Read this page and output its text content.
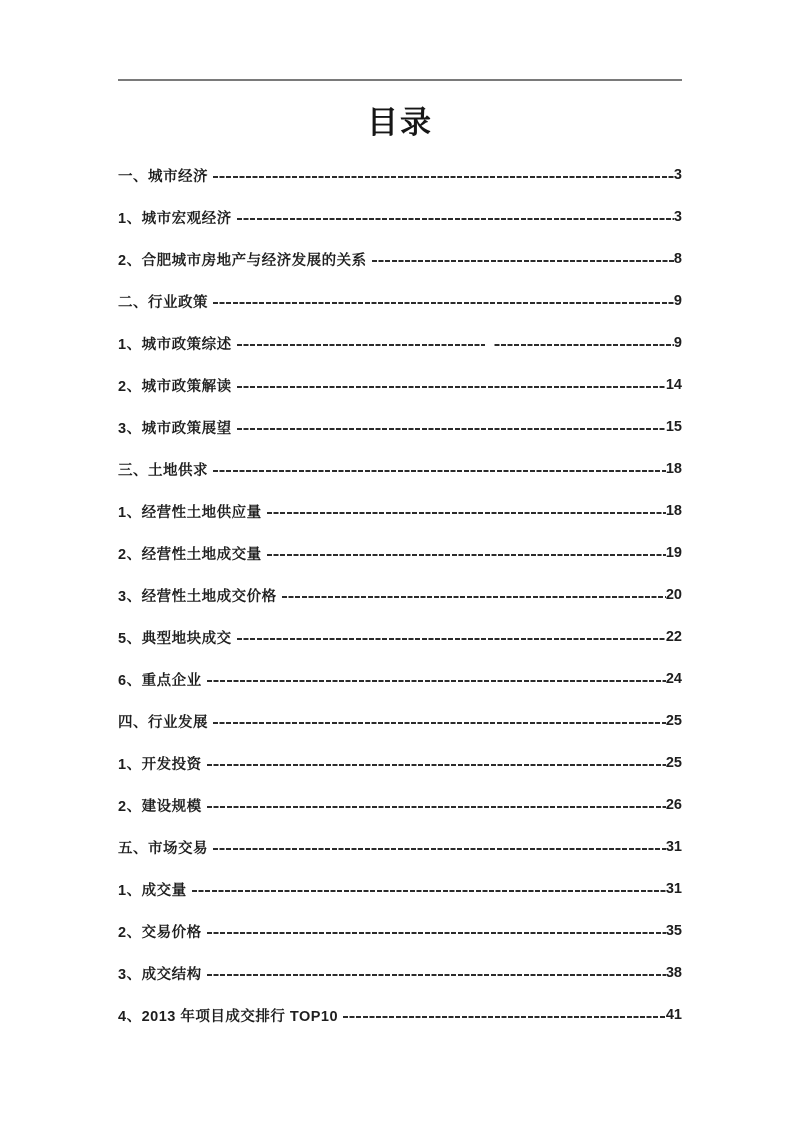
目录
一、城市经济	3
1、城市宏观经济	3
2、合肥城市房地产与经济发展的关系	8
二、行业政策	9
1、城市政策综述	9
2、城市政策解读	14
3、城市政策展望	15
三、土地供求	18
1、经营性土地供应量	18
2、经营性土地成交量	19
3、经营性土地成交价格	20
5、典型地块成交	22
6、重点企业	24
四、行业发展	25
1、开发投资	25
2、建设规模	26
五、市场交易	31
1、成交量	31
2、交易价格	35
3、成交结构	38
4、2013 年项目成交排行 TOP10	41
